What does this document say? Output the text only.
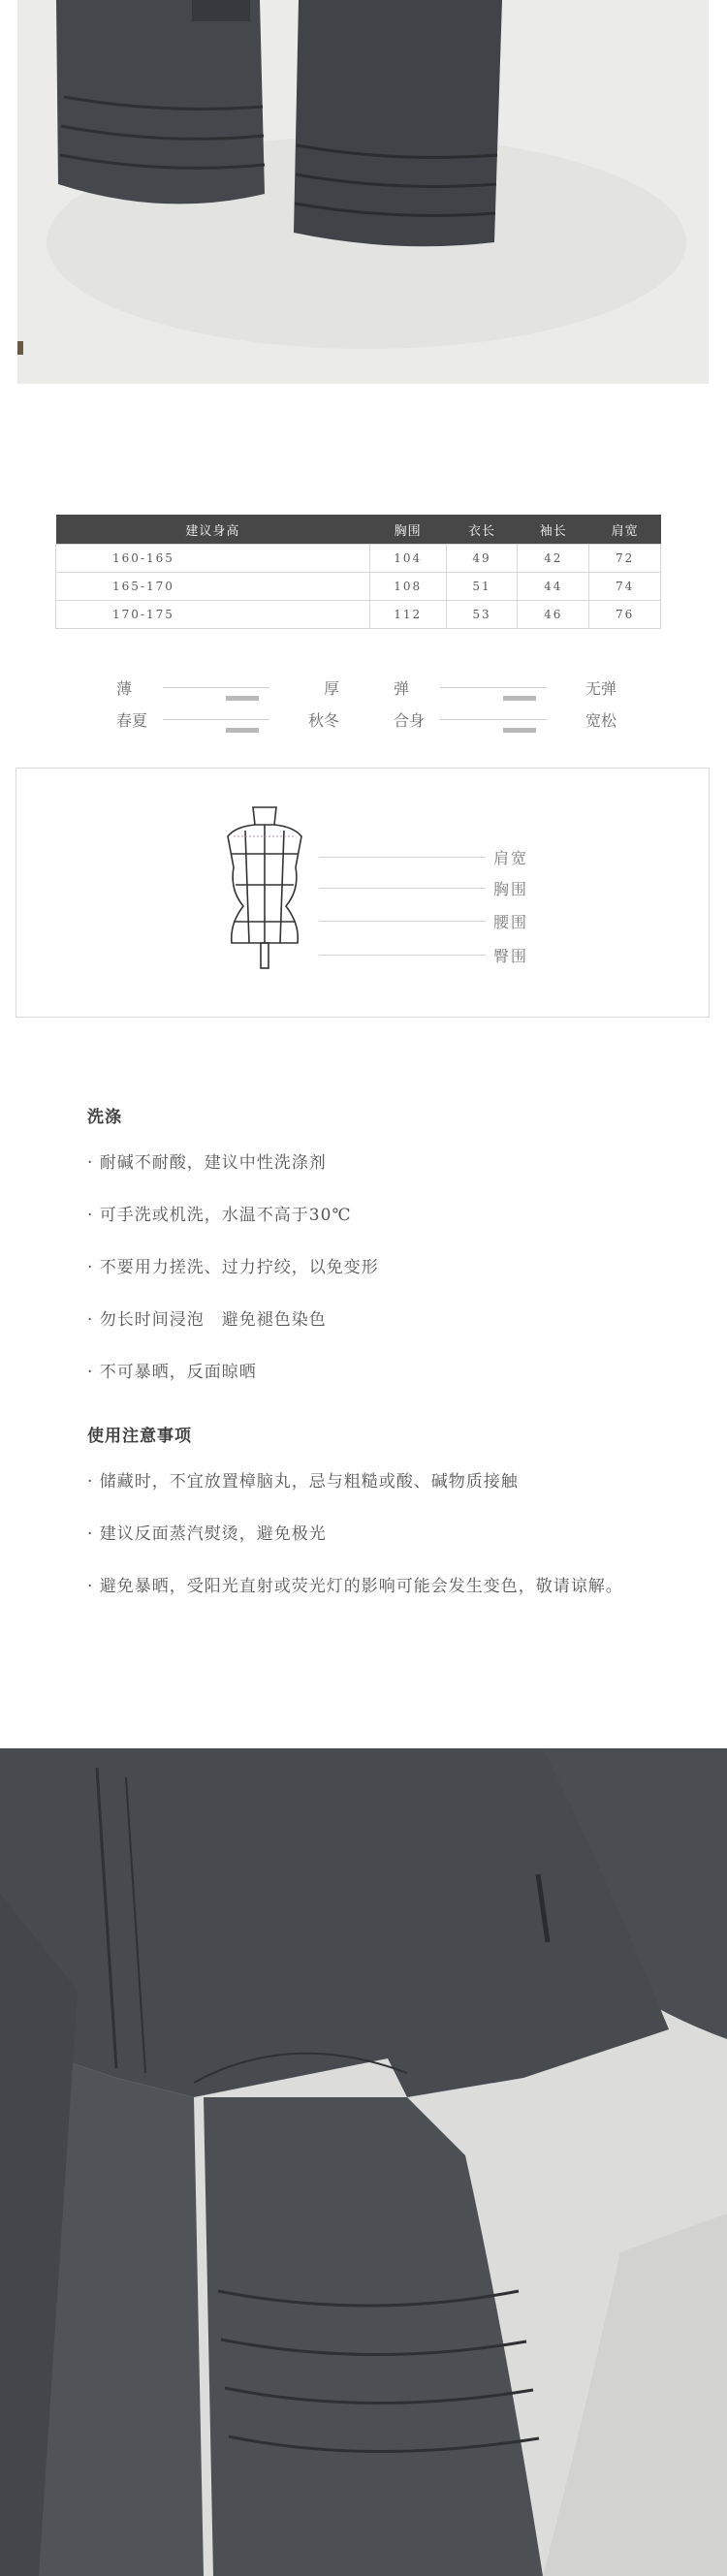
建议身高	胸围	衣长	袖长	肩宽
160-165	104	49	42	72
165-170	108	51	44	74
170-175	112	53	46	76
薄	厚	弹	无弹
春夏	秋冬	合身	宽松
肩宽
胸围
腰围
臀围
洗涤
· 耐碱不耐酸，建议中性洗涤剂
· 可手洗或机洗，水温不高于30℃
· 不要用力搓洗、过力拧绞，以免变形
· 勿长时间浸泡　避免褪色染色
· 不可暴晒，反面晾晒
使用注意事项
· 储藏时，不宜放置樟脑丸，忌与粗糙或酸、碱物质接触
· 建议反面蒸汽熨烫，避免极光
· 避免暴晒，受阳光直射或荧光灯的影响可能会发生变色，敬请谅解。
